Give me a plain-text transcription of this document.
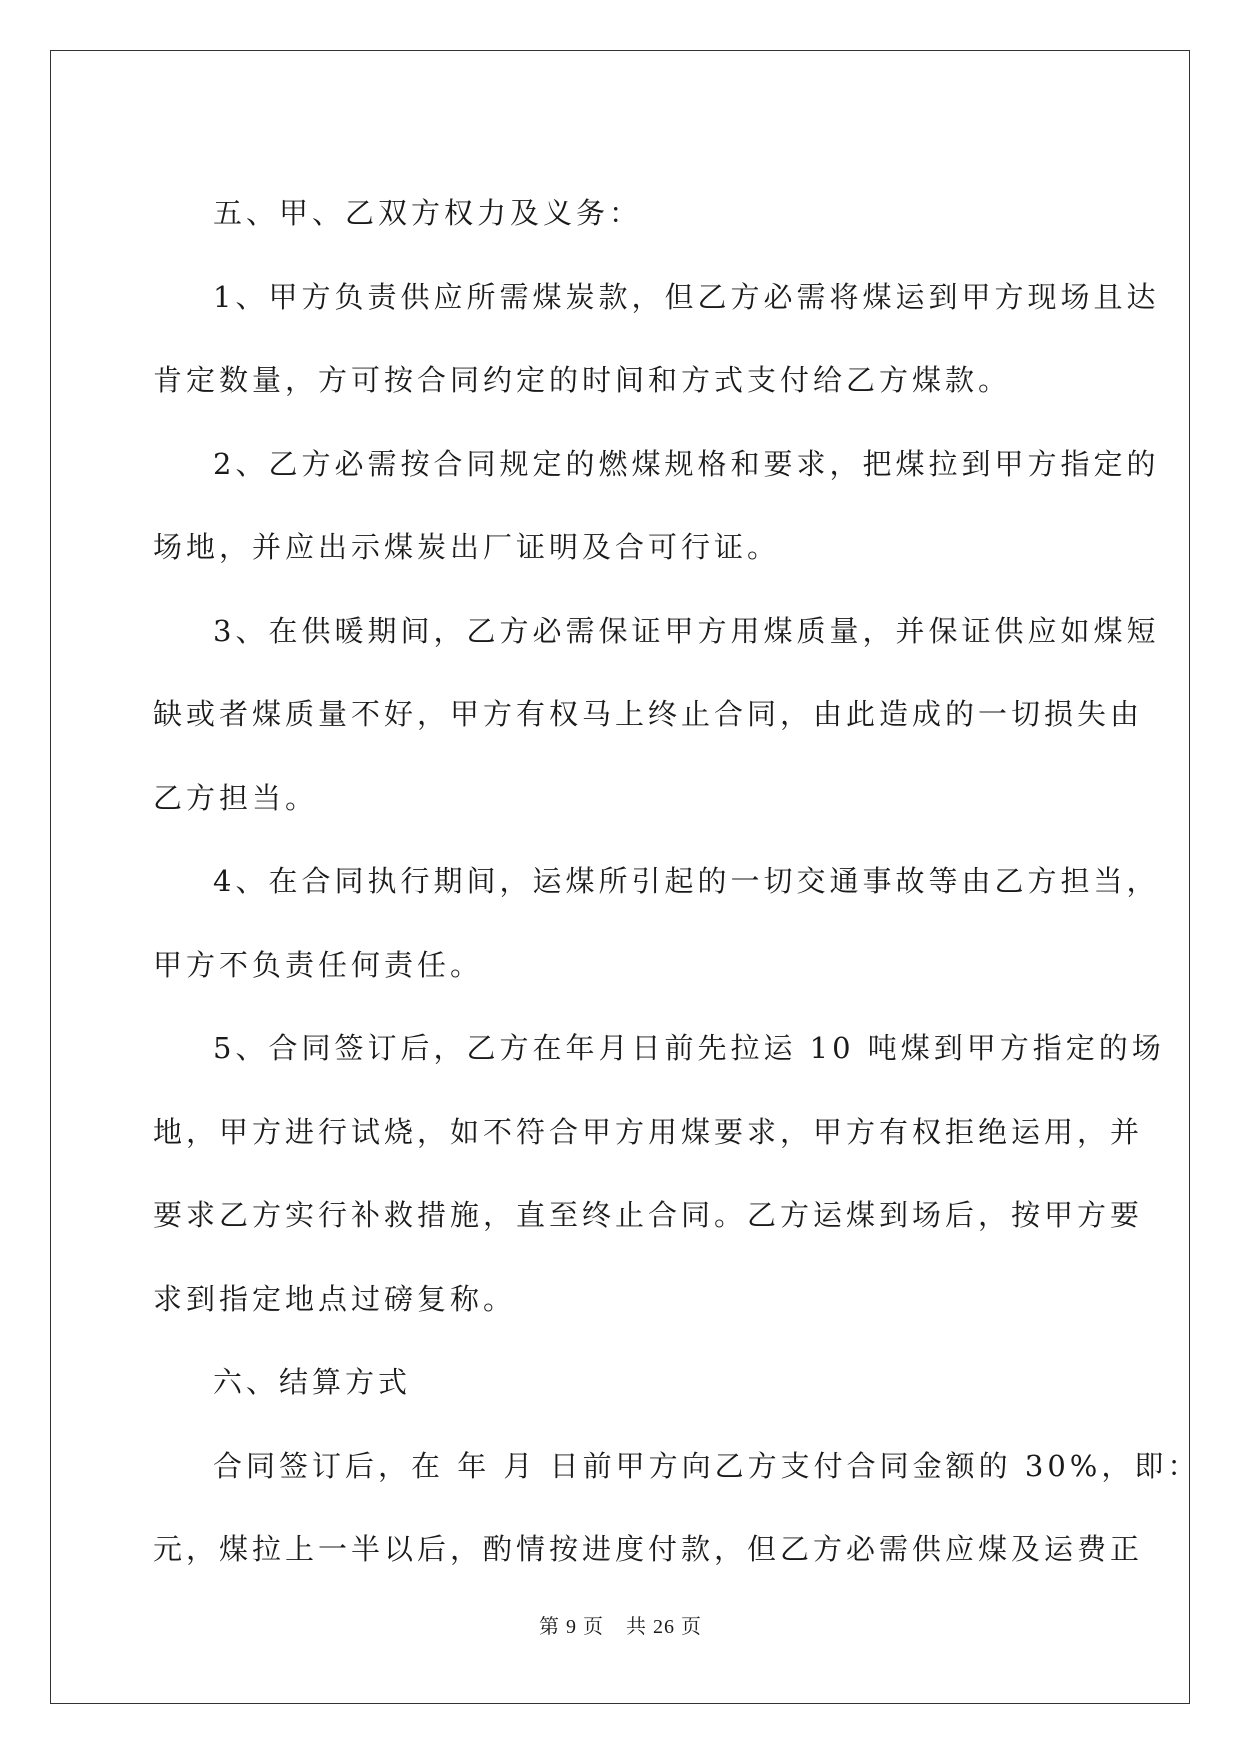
五、甲、乙双方权力及义务：

1、甲方负责供应所需煤炭款，但乙方必需将煤运到甲方现场且达
肯定数量，方可按合同约定的时间和方式支付给乙方煤款。

2、乙方必需按合同规定的燃煤规格和要求，把煤拉到甲方指定的
场地，并应出示煤炭出厂证明及合可行证。

3、在供暖期间，乙方必需保证甲方用煤质量，并保证供应如煤短
缺或者煤质量不好，甲方有权马上终止合同，由此造成的一切损失由
乙方担当。

4、在合同执行期间，运煤所引起的一切交通事故等由乙方担当，
甲方不负责任何责任。

5、合同签订后，乙方在年月日前先拉运 10 吨煤到甲方指定的场
地，甲方进行试烧，如不符合甲方用煤要求，甲方有权拒绝运用，并
要求乙方实行补救措施，直至终止合同。乙方运煤到场后，按甲方要
求到指定地点过磅复称。

六、结算方式

合同签订后，在 年 月 日前甲方向乙方支付合同金额的 30%，即：
元，煤拉上一半以后，酌情按进度付款，但乙方必需供应煤及运费正

第 9 页 共 26 页
